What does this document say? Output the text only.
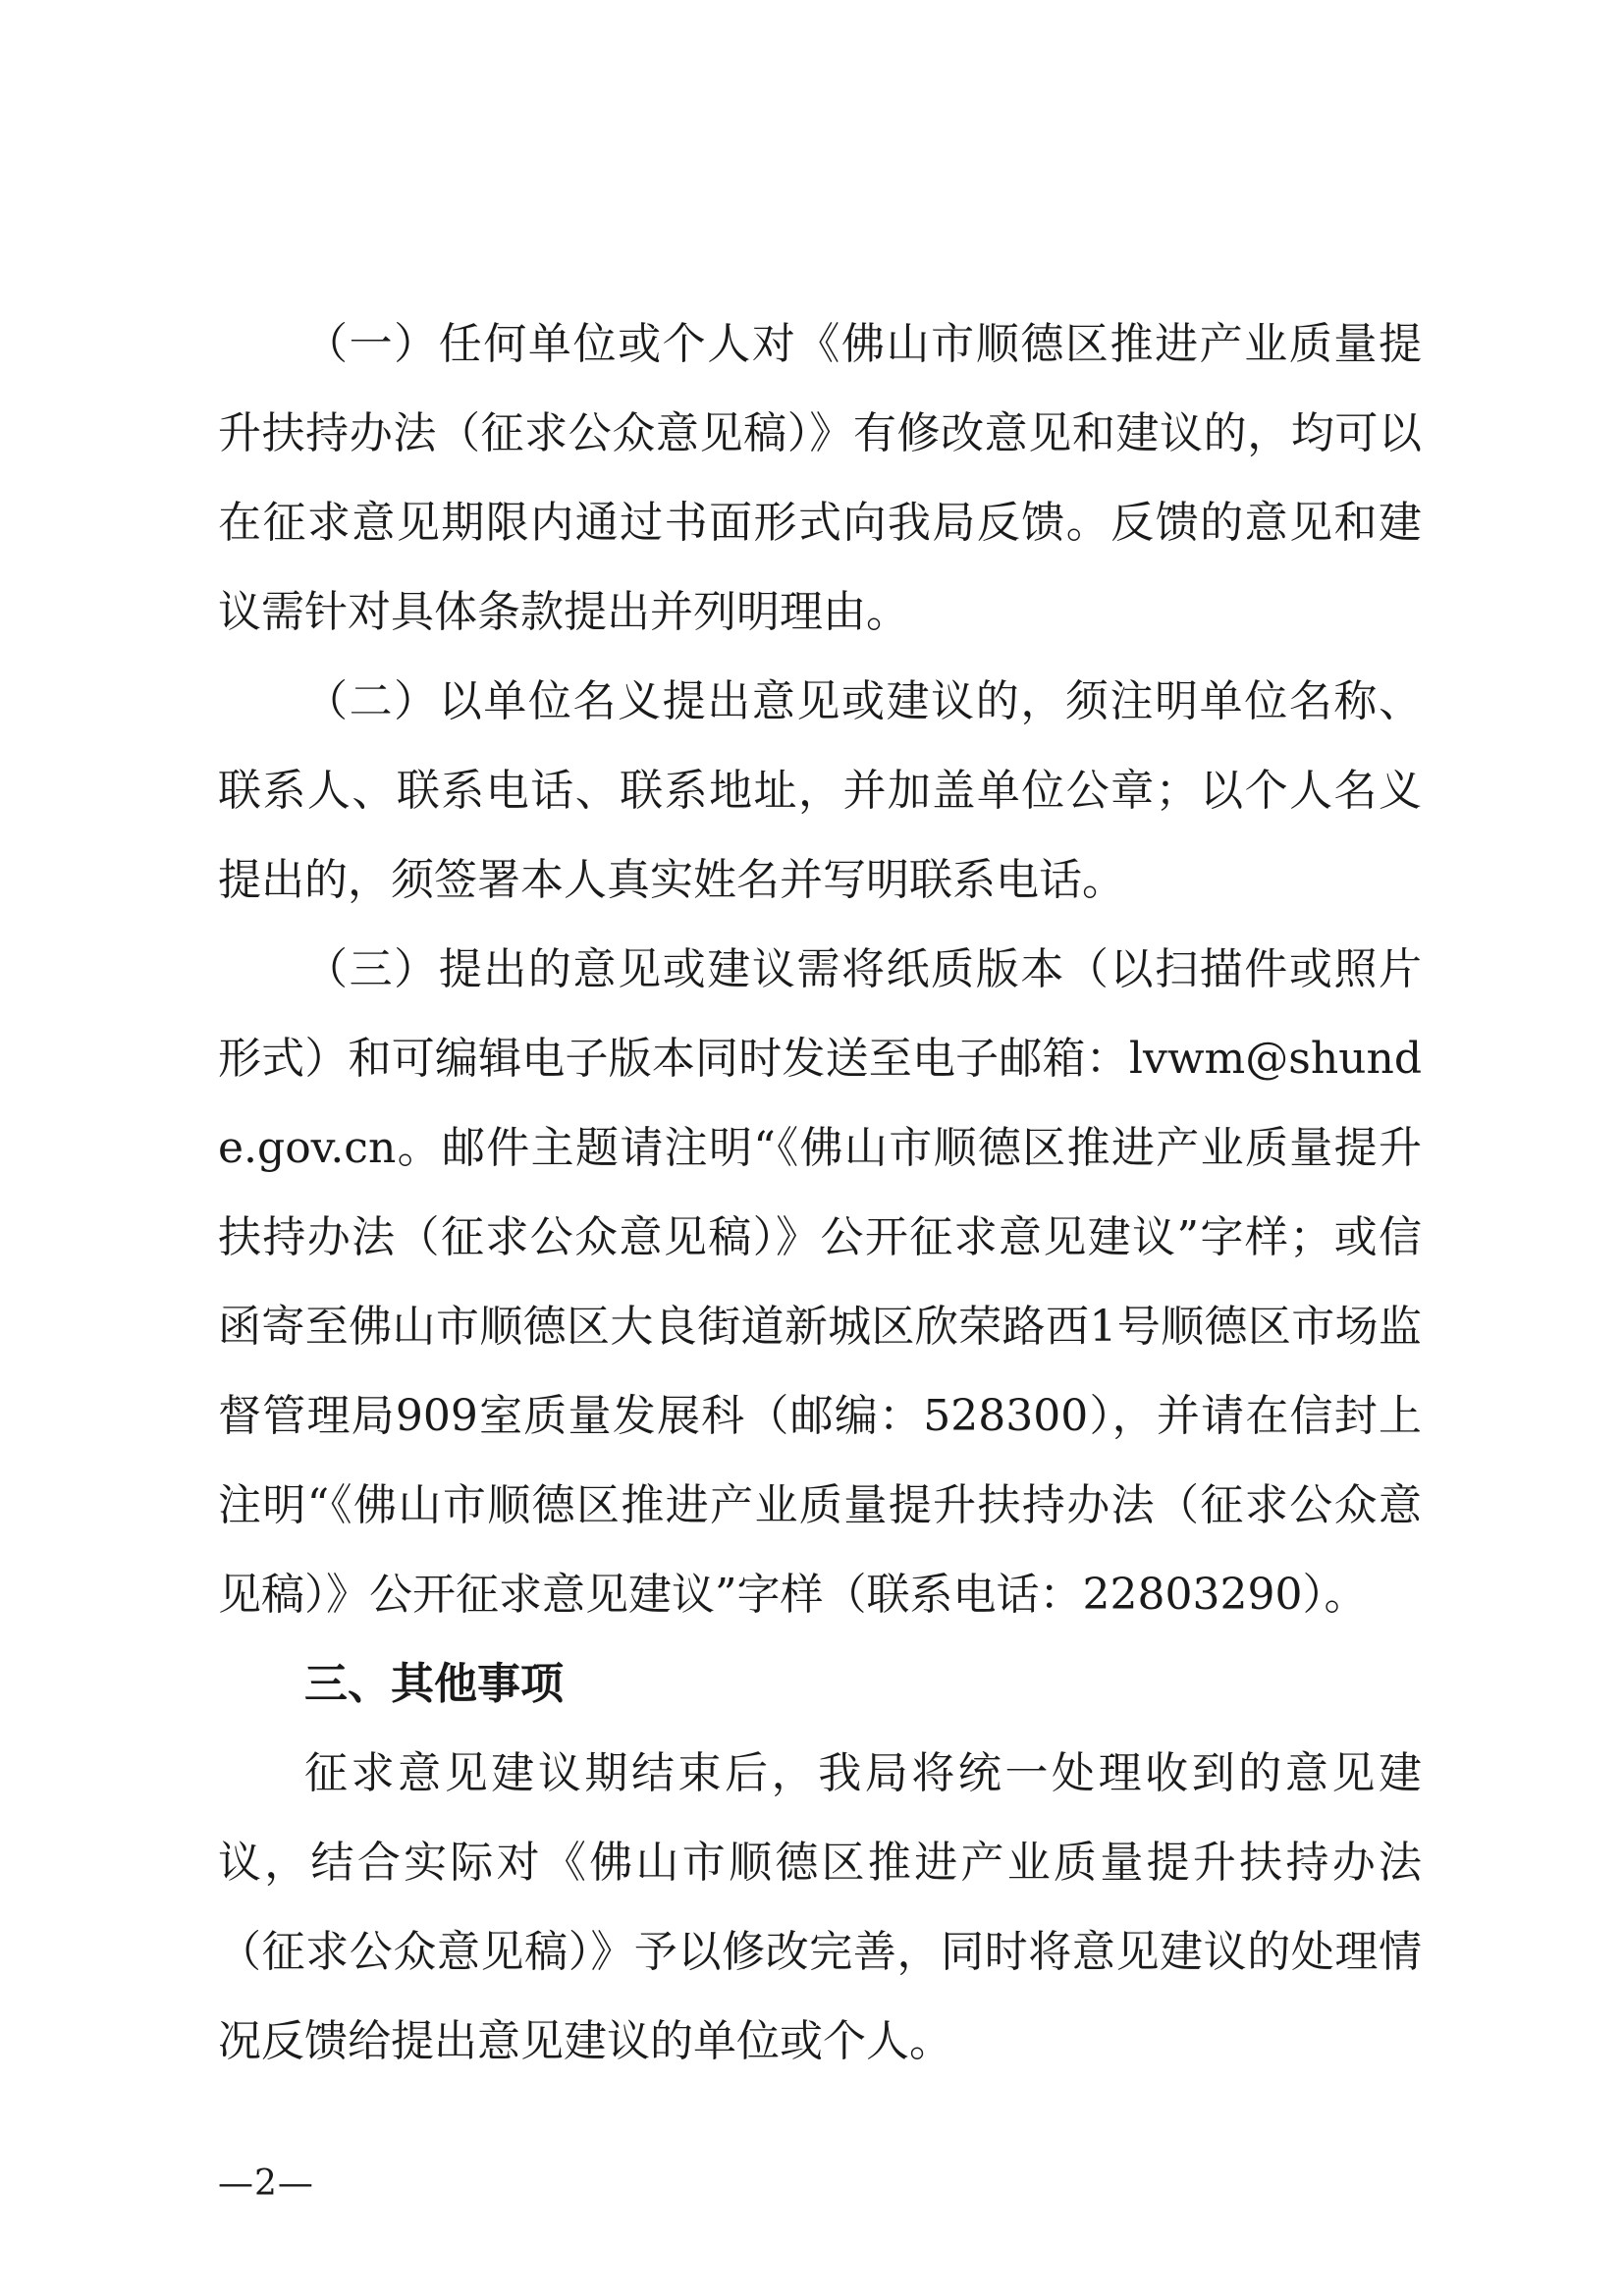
（一）任何单位或个人对《佛山市顺德区推进产业质量提升扶持办法（征求公众意见稿）》有修改意见和建议的，均可以在征求意见期限内通过书面形式向我局反馈。反馈的意见和建议需针对具体条款提出并列明理由。

（二）以单位名义提出意见或建议的，须注明单位名称、联系人、联系电话、联系地址，并加盖单位公章；以个人名义提出的，须签署本人真实姓名并写明联系电话。

（三）提出的意见或建议需将纸质版本（以扫描件或照片形式）和可编辑电子版本同时发送至电子邮箱：lvwm@shunde.gov.cn。邮件主题请注明“《佛山市顺德区推进产业质量提升扶持办法（征求公众意见稿）》公开征求意见建议”字样；或信函寄至佛山市顺德区大良街道新城区欣荣路西1号顺德区市场监督管理局909室质量发展科（邮编：528300），并请在信封上注明“《佛山市顺德区推进产业质量提升扶持办法（征求公众意见稿）》公开征求意见建议”字样（联系电话：22803290）。

三、其他事项

征求意见建议期结束后，我局将统一处理收到的意见建议，结合实际对《佛山市顺德区推进产业质量提升扶持办法（征求公众意见稿）》予以修改完善，同时将意见建议的处理情况反馈给提出意见建议的单位或个人。

—2—
